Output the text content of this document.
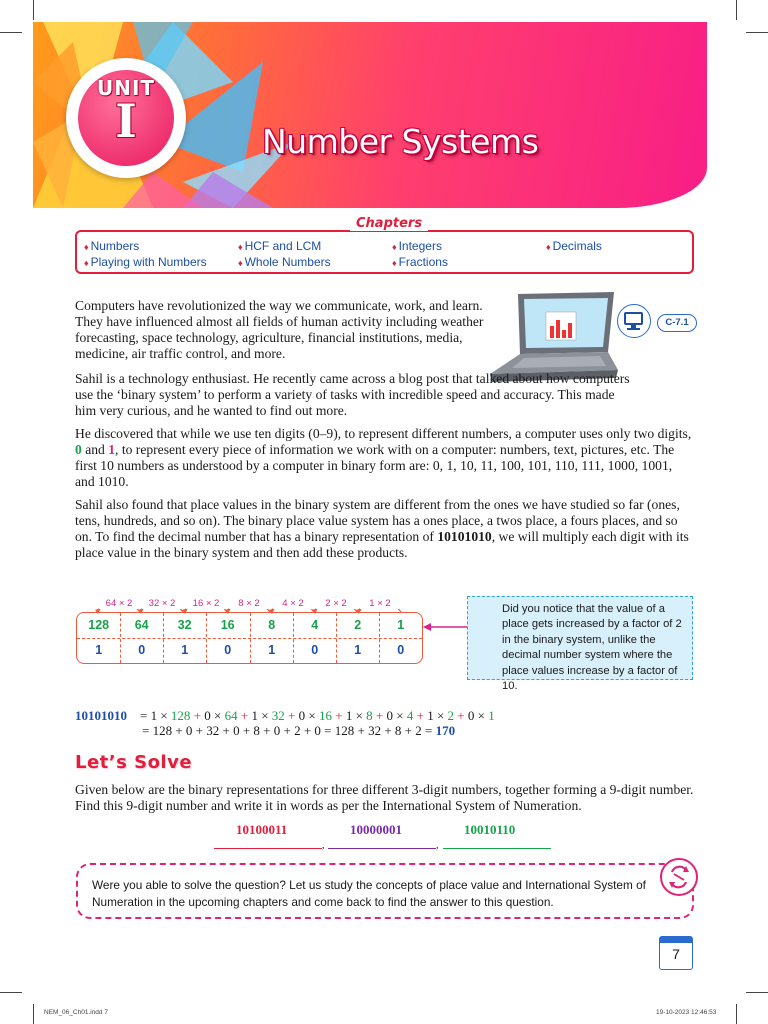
UNIT
I	Number Systems
Chapters
♦ Numbers	♦ HCF and LCM	♦ Integers	♦ Decimals
♦ Playing with Numbers	♦ Whole Numbers	♦ Fractions
C-7.1

Computers have revolutionized the way we communicate, work, and learn. They have influenced almost all fields of human activity including weather forecasting, space technology, agriculture, financial institutions, media, medicine, air traffic control, and more.

Sahil is a technology enthusiast. He recently came across a blog post that talked about how computers use the ‘binary system’ to perform a variety of tasks with incredible speed and accuracy. This made him very curious, and he wanted to find out more.

He discovered that while we use ten digits (0–9), to represent different numbers, a computer uses only two digits, 0 and 1, to represent every piece of information we work with on a computer: numbers, text, pictures, etc. The first 10 numbers as understood by a computer in binary form are: 0, 1, 10, 11, 100, 101, 110, 111, 1000, 1001, and 1010.

Sahil also found that place values in the binary system are different from the ones we have studied so far (ones, tens, hundreds, and so on). The binary place value system has a ones place, a twos place, a fours places, and so on. To find the decimal number that has a binary representation of 10101010, we will multiply each digit with its place value in the binary system and then add these products.

64 × 2	32 × 2	16 × 2	8 × 2	4 × 2	2 × 2	1 × 2
128	64	32	16	8	4	2	1
1	0	1	0	1	0	1	0
Did you notice that the value of a place gets increased by a factor of 2 in the binary system, unlike the decimal number system where the place values increase by a factor of 10.
10101010 = 1 × 128 + 0 × 64 + 1 × 32 + 0 × 16 + 1 × 8 + 0 × 4 + 1 × 2 + 0 × 1
= 128 + 0 + 32 + 0 + 8 + 0 + 2 + 0 = 128 + 32 + 8 + 2 = 170
Let’s Solve

Given below are the binary representations for three different 3-digit numbers, together forming a 9-digit number. Find this 9-digit number and write it in words as per the International System of Numeration.

10100011	10000001	10010110
,	,
Were you able to solve the question? Let us study the concepts of place value and International System of Numeration in the upcoming chapters and come back to find the answer to this question.
7
NEM_06_Ch01.indd 7	19-10-2023 12:46:53
